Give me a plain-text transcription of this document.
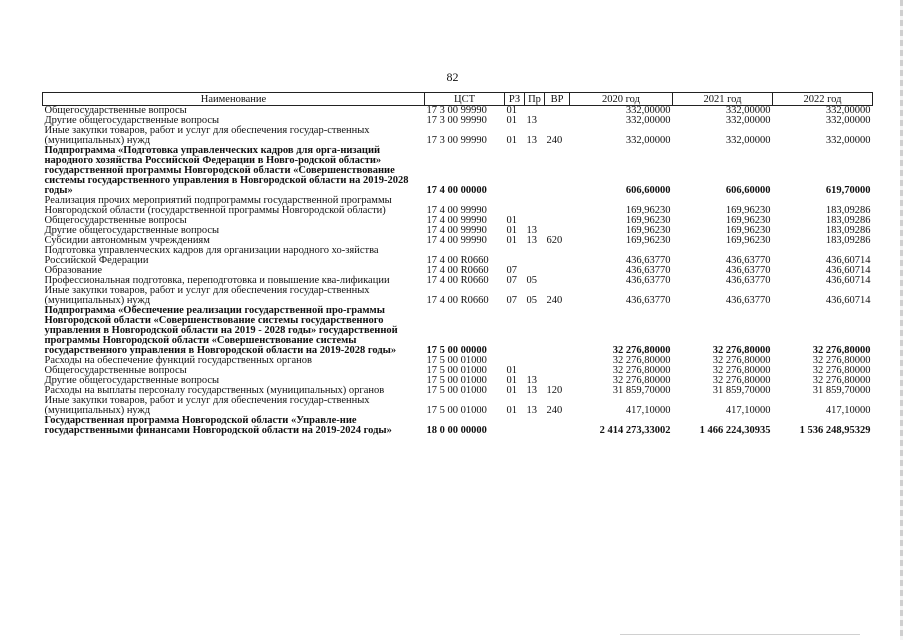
82
Наименование	ЦСТ	РЗ	Пр	ВР	2020 год	2021 год	2022 год
Общегосударственные вопросы	17 3 00 99990	01			332,00000	332,00000	332,00000
Другие общегосударственные вопросы	17 3 00 99990	01	13		332,00000	332,00000	332,00000
Иные закупки товаров, работ и услуг для обеспечения государ-ственных (муниципальных) нужд	17 3 00 99990	01	13	240	332,00000	332,00000	332,00000
Подпрограмма «Подготовка управленческих кадров для орга-низаций народного хозяйства Российской Федерации в Новго-родской области» государственной программы Новгородской области «Совершенствование системы государственного управления в Новгородской области на 2019-2028 годы»	17 4 00 00000				606,60000	606,60000	619,70000
Реализация прочих мероприятий подпрограммы государственной программы Новгородской области (государственной программы Новгородской области)	17 4 00 99990				169,96230	169,96230	183,09286
Общегосударственные вопросы	17 4 00 99990	01			169,96230	169,96230	183,09286
Другие общегосударственные вопросы	17 4 00 99990	01	13		169,96230	169,96230	183,09286
Субсидии автономным учреждениям	17 4 00 99990	01	13	620	169,96230	169,96230	183,09286
Подготовка управленческих кадров для организации народного хо-зяйства Российской Федерации	17 4 00 R0660				436,63770	436,63770	436,60714
Образование	17 4 00 R0660	07			436,63770	436,63770	436,60714
Профессиональная подготовка, переподготовка и повышение ква-лификации	17 4 00 R0660	07	05		436,63770	436,63770	436,60714
Иные закупки товаров, работ и услуг для обеспечения государ-ственных (муниципальных) нужд	17 4 00 R0660	07	05	240	436,63770	436,63770	436,60714
Подпрограмма «Обеспечение реализации государственной про-граммы Новгородской области «Совершенствование системы государственного управления в Новгородской области на 2019 - 2028 годы» государственной программы Новгородской области «Совершенствование системы государственного управления в Новгородской области на 2019-2028 годы»	17 5 00 00000				32 276,80000	32 276,80000	32 276,80000
Расходы на обеспечение функций государственных органов	17 5 00 01000				32 276,80000	32 276,80000	32 276,80000
Общегосударственные вопросы	17 5 00 01000	01			32 276,80000	32 276,80000	32 276,80000
Другие общегосударственные вопросы	17 5 00 01000	01	13		32 276,80000	32 276,80000	32 276,80000
Расходы на выплаты персоналу государственных (муниципальных) органов	17 5 00 01000	01	13	120	31 859,70000	31 859,70000	31 859,70000
Иные закупки товаров, работ и услуг для обеспечения государ-ственных (муниципальных) нужд	17 5 00 01000	01	13	240	417,10000	417,10000	417,10000
Государственная программа Новгородской области «Управле-ние государственными финансами Новгородской области на 2019-2024 годы»	18 0 00 00000				2 414 273,33002	1 466 224,30935	1 536 248,95329
